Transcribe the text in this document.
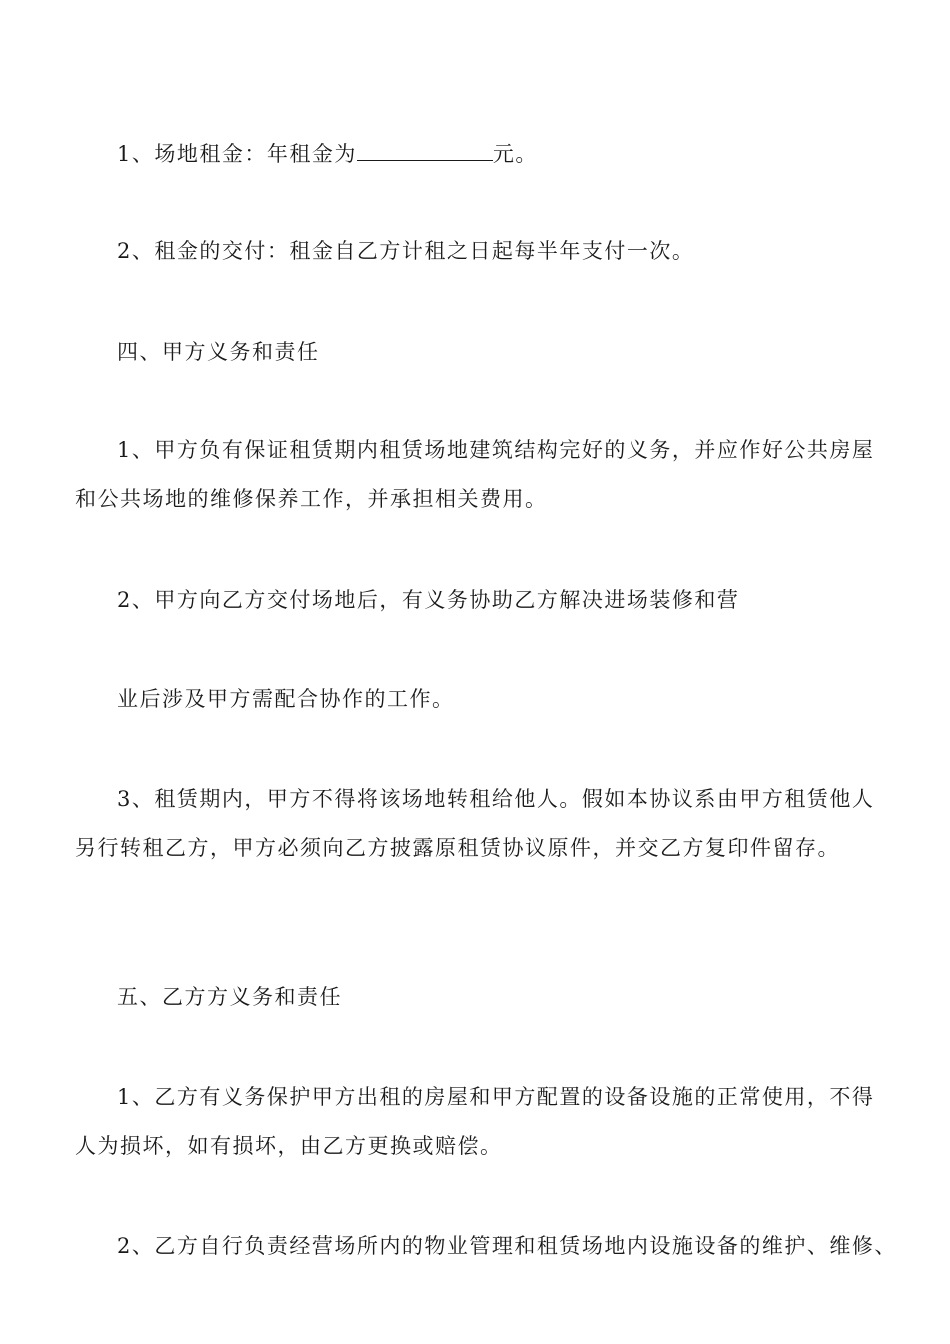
1、场地租金：年租金为	元。
2、租金的交付：租金自乙方计租之日起每半年支付一次。
四、甲方义务和责任
1、甲方负有保证租赁期内租赁场地建筑结构完好的义务，并应作好公共房屋
和公共场地的维修保养工作，并承担相关费用。
2、甲方向乙方交付场地后，有义务协助乙方解决进场装修和营
业后涉及甲方需配合协作的工作。
3、租赁期内，甲方不得将该场地转租给他人。假如本协议系由甲方租赁他人
另行转租乙方，甲方必须向乙方披露原租赁协议原件，并交乙方复印件留存。
五、乙方方义务和责任
1、乙方有义务保护甲方出租的房屋和甲方配置的设备设施的正常使用，不得
人为损坏，如有损坏，由乙方更换或赔偿。
2、乙方自行负责经营场所内的物业管理和租赁场地内设施设备的维护、维修、
